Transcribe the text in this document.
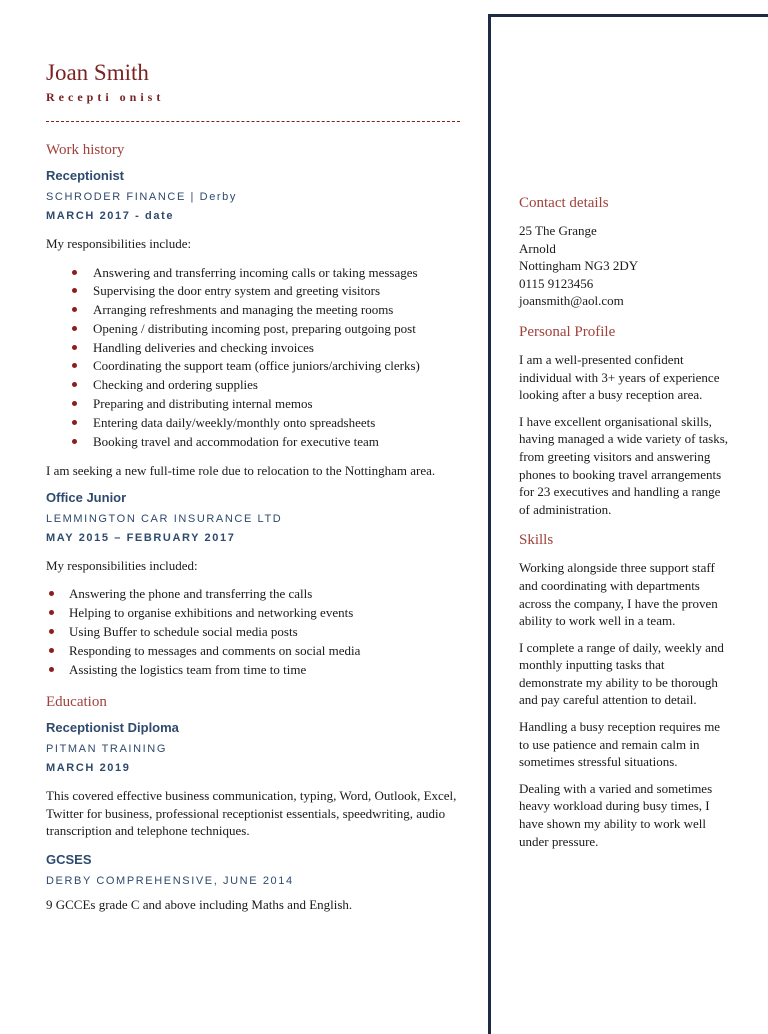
Joan Smith
Recepti onist
Work history
Receptionist
SCHRODER FINANCE | Derby
MARCH 2017 - date
My responsibilities include:
Answering and transferring incoming calls or taking messages
Supervising the door entry system and greeting visitors
Arranging refreshments and managing the meeting rooms
Opening / distributing incoming post, preparing outgoing post
Handling deliveries and checking invoices
Coordinating the support team (office juniors/archiving clerks)
Checking and ordering supplies
Preparing and distributing internal memos
Entering data daily/weekly/monthly onto spreadsheets
Booking travel and accommodation for executive team
I am seeking a new full-time role due to relocation to the Nottingham area.
Office Junior
LEMMINGTON CAR INSURANCE LTD
MAY 2015 – FEBRUARY 2017
My responsibilities included:
Answering the phone and transferring the calls
Helping to organise exhibitions and networking events
Using Buffer to schedule social media posts
Responding to messages and comments on social media
Assisting the logistics team from time to time
Education
Receptionist Diploma
PITMAN TRAINING
MARCH 2019
This covered effective business communication, typing, Word, Outlook, Excel, Twitter for business, professional receptionist essentials, speedwriting, audio transcription and telephone techniques.
GCSES
DERBY COMPREHENSIVE, JUNE 2014
9 GCCEs grade C and above including Maths and English.
Contact details
25 The Grange
Arnold
Nottingham NG3 2DY
0115 9123456
joansmith@aol.com
Personal Profile
I am a well-presented confident individual with 3+ years of experience looking after a busy reception area.
I have excellent organisational skills, having managed a wide variety of tasks, from greeting visitors and answering phones to booking travel arrangements for 23 executives and handling a range of administration.
Skills
Working alongside three support staff and coordinating with departments across the company, I have the proven ability to work well in a team.
I complete a range of daily, weekly and monthly inputting tasks that demonstrate my ability to be thorough and pay careful attention to detail.
Handling a busy reception requires me to use patience and remain calm in sometimes stressful situations.
Dealing with a varied and sometimes heavy workload during busy times, I have shown my ability to work well under pressure.
